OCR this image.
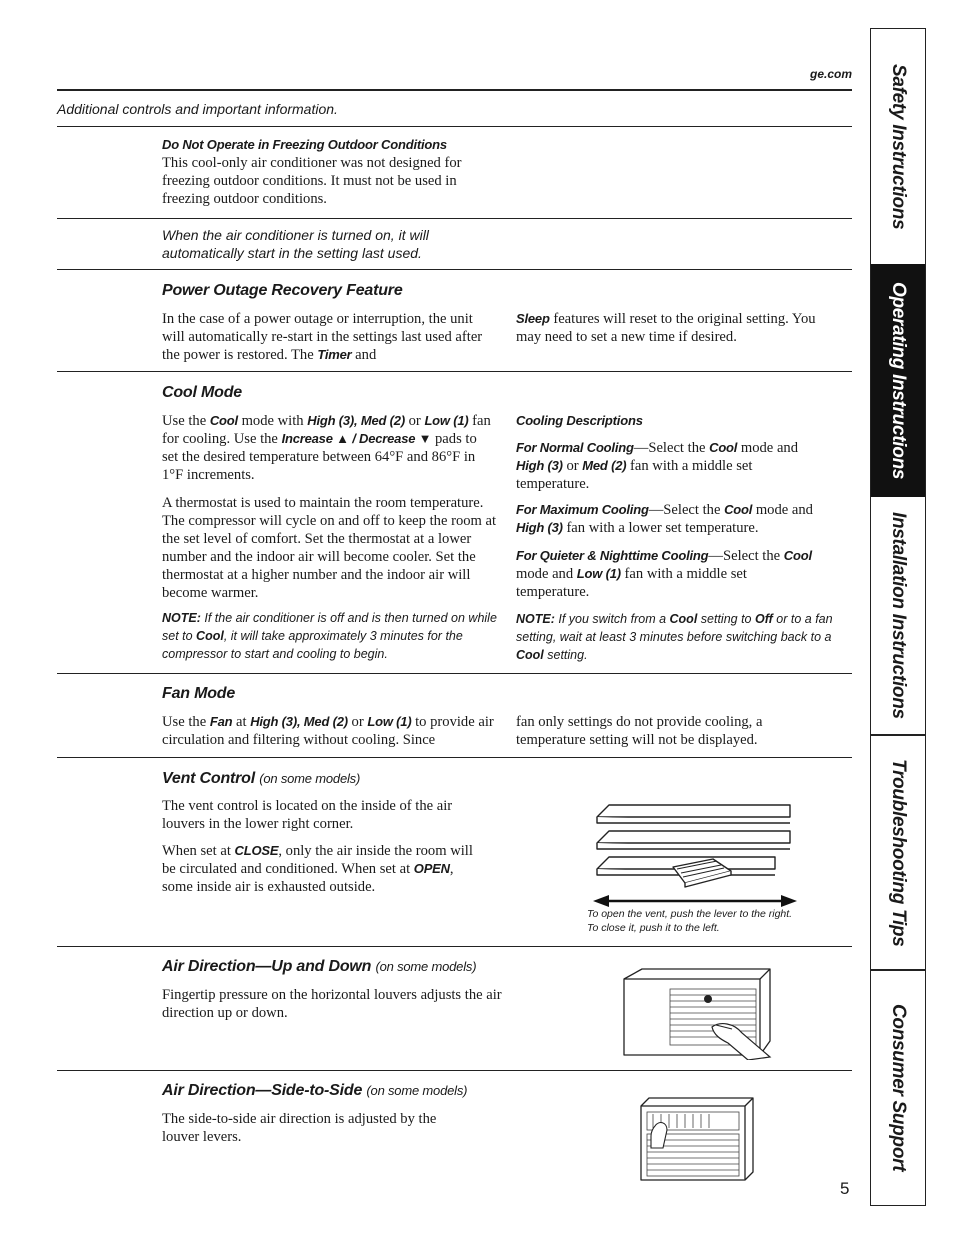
ge.com
Additional controls and important information.
Do Not Operate in Freezing Outdoor Conditions

This cool-only air conditioner was not designed for freezing outdoor conditions. It must not be used in freezing outdoor conditions.

When the air conditioner is turned on, it will automatically start in the setting last used.
Power Outage Recovery Feature

In the case of a power outage or interruption, the unit will automatically re-start in the settings last used after the power is restored. The Timer and

Sleep features will reset to the original setting. You may need to set a new time if desired.

Cool Mode

Use the Cool mode with High (3), Med (2) or Low (1) fan for cooling. Use the Increase ▲ / Decrease ▼ pads to set the desired temperature between 64°F and 86°F in 1°F increments.

A thermostat is used to maintain the room temperature. The compressor will cycle on and off to keep the room at the set level of comfort. Set the thermostat at a lower number and the indoor air will become cooler. Set the thermostat at a higher number and the indoor air will become warmer.

NOTE: If the air conditioner is off and is then turned on while set to Cool, it will take approximately 3 minutes for the compressor to start and cooling to begin.

Cooling Descriptions

For Normal Cooling—Select the Cool mode and High (3) or Med (2) fan with a middle set temperature.

For Maximum Cooling—Select the Cool mode and High (3) fan with a lower set temperature.

For Quieter & Nighttime Cooling—Select the Cool mode and Low (1) fan with a middle set temperature.

NOTE: If you switch from a Cool setting to Off or to a fan setting, wait at least 3 minutes before switching back to a Cool setting.

Fan Mode

Use the Fan at High (3), Med (2) or Low (1) to provide air circulation and filtering without cooling. Since

fan only settings do not provide cooling, a temperature setting will not be displayed.

Vent Control (on some models)

The vent control is located on the inside of the air louvers in the lower right corner.

When set at CLOSE, only the air inside the room will be circulated and conditioned. When set at OPEN, some inside air is exhausted outside.

To open the vent, push the lever to the right.
To close it, push it to the left.
Air Direction—Up and Down (on some models)

Fingertip pressure on the horizontal louvers adjusts the air direction up or down.

Air Direction—Side-to-Side (on some models)

The side-to-side air direction is adjusted by the louver levers.

5
Safety Instructions
Operating Instructions
Installation Instructions
Troubleshooting Tips
Consumer Support
